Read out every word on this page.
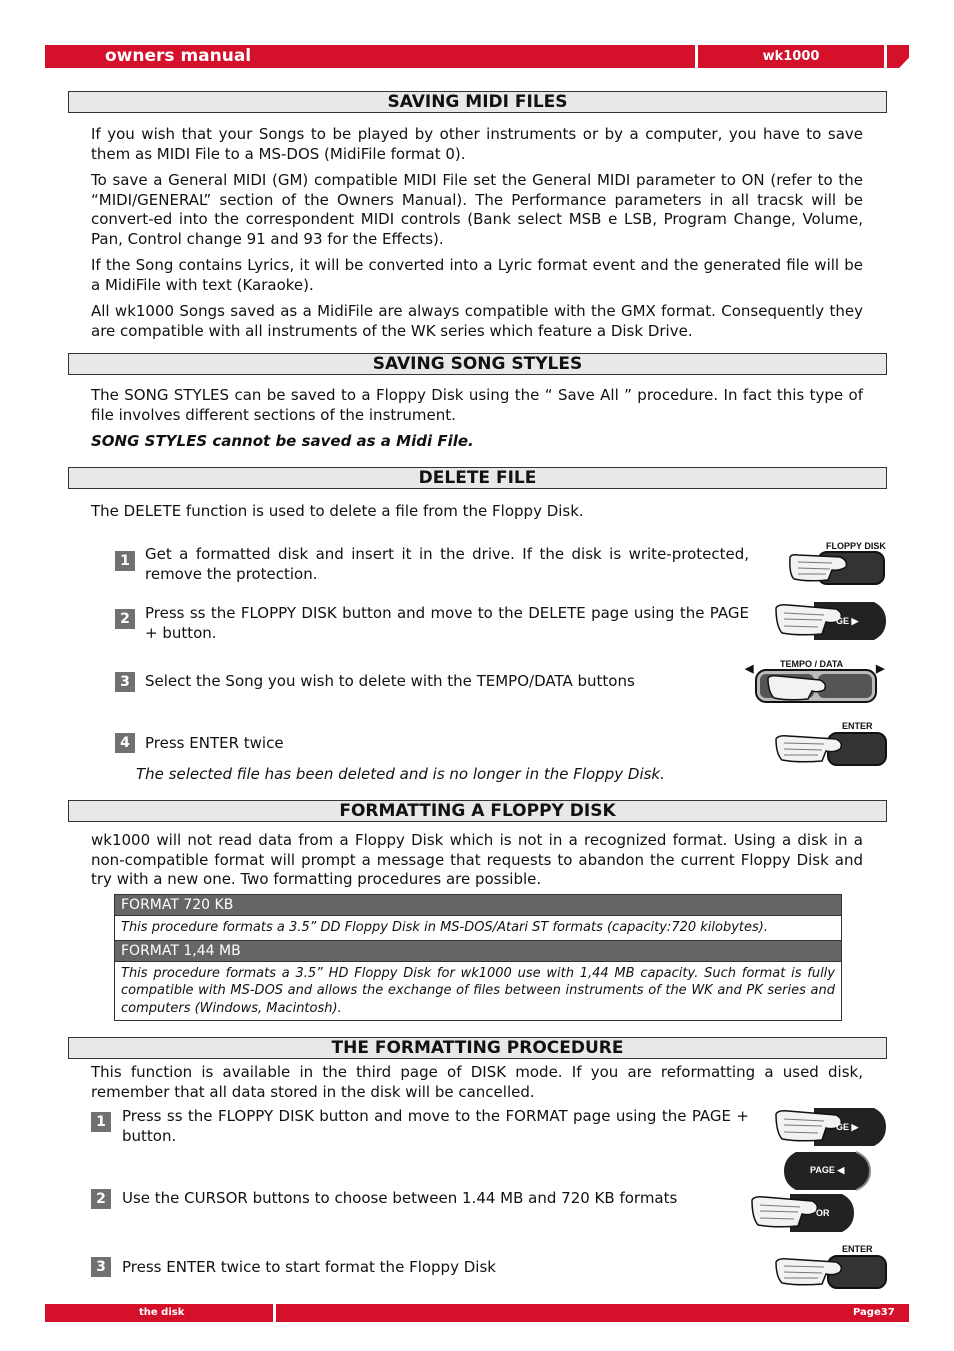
owners manual	wk1000
SAVING MIDI FILES
If you wish that your Songs to be played by other instruments or by a computer, you have to save them as MIDI File to a MS-DOS (MidiFile format 0).
To save a General MIDI (GM) compatible MIDI File set the General MIDI parameter to ON (refer to the “MIDI/GENERAL” section of the Owners Manual). The Performance parameters in all tracsk will be convert-ed into the correspondent MIDI controls (Bank select MSB e LSB, Program Change, Volume, Pan, Control change 91 and 93 for the Effects).
If the Song contains Lyrics, it will be converted into a Lyric format event and the generated file will be a MidiFile with text (Karaoke).
All wk1000 Songs saved as a MidiFile are always compatible with the GMX format. Consequently they are compatible with all instruments of the WK series which feature a Disk Drive.
SAVING SONG STYLES
The SONG STYLES can be saved to a Floppy Disk using the “ Save All ” procedure. In fact this type of file involves different sections of the instrument.
SONG STYLES cannot be saved as a Midi File.
DELETE FILE
The DELETE function is used to delete a file from the Floppy Disk.
1	Get a formatted disk and insert it in the drive. If the disk is write-protected, remove the protection.
2	Press ss the FLOPPY DISK button and move to the DELETE page using the PAGE + button.
3	Select the Song you wish to delete with the TEMPO/DATA buttons
4	Press ENTER twice
The selected file has been deleted and is no longer in the Floppy Disk.
FLOPPY DISK
GE ▶
TEMPO / DATA
◀	▶
ENTER
FORMATTING A FLOPPY DISK
wk1000 will not read data from a Floppy Disk which is not in a recognized format. Using a disk in a non-compatible format will prompt a message that requests to abandon the current Floppy Disk and try with a new one. Two formatting procedures are possible.
FORMAT 720 KB
This procedure formats a 3.5” DD Floppy Disk in MS-DOS/Atari ST formats (capacity:720 kilobytes).
FORMAT 1,44 MB
This procedure formats a 3.5” HD Floppy Disk for wk1000 use with 1,44 MB capacity. Such format is fully compatible with MS-DOS and allows the exchange of files between instruments of the WK and PK series and computers (Windows, Macintosh).
THE FORMATTING PROCEDURE
This function is available in the third page of DISK mode. If you are reformatting a used disk, remember that all data stored in the disk will be cancelled.
1	Press ss the FLOPPY DISK button and move to the FORMAT page using the PAGE + button.
2	Use the CURSOR buttons to choose between 1.44 MB and 720 KB formats
3	Press ENTER twice to start format the Floppy Disk
GE ▶
PAGE ◀
OR
ENTER
the disk	Page37
